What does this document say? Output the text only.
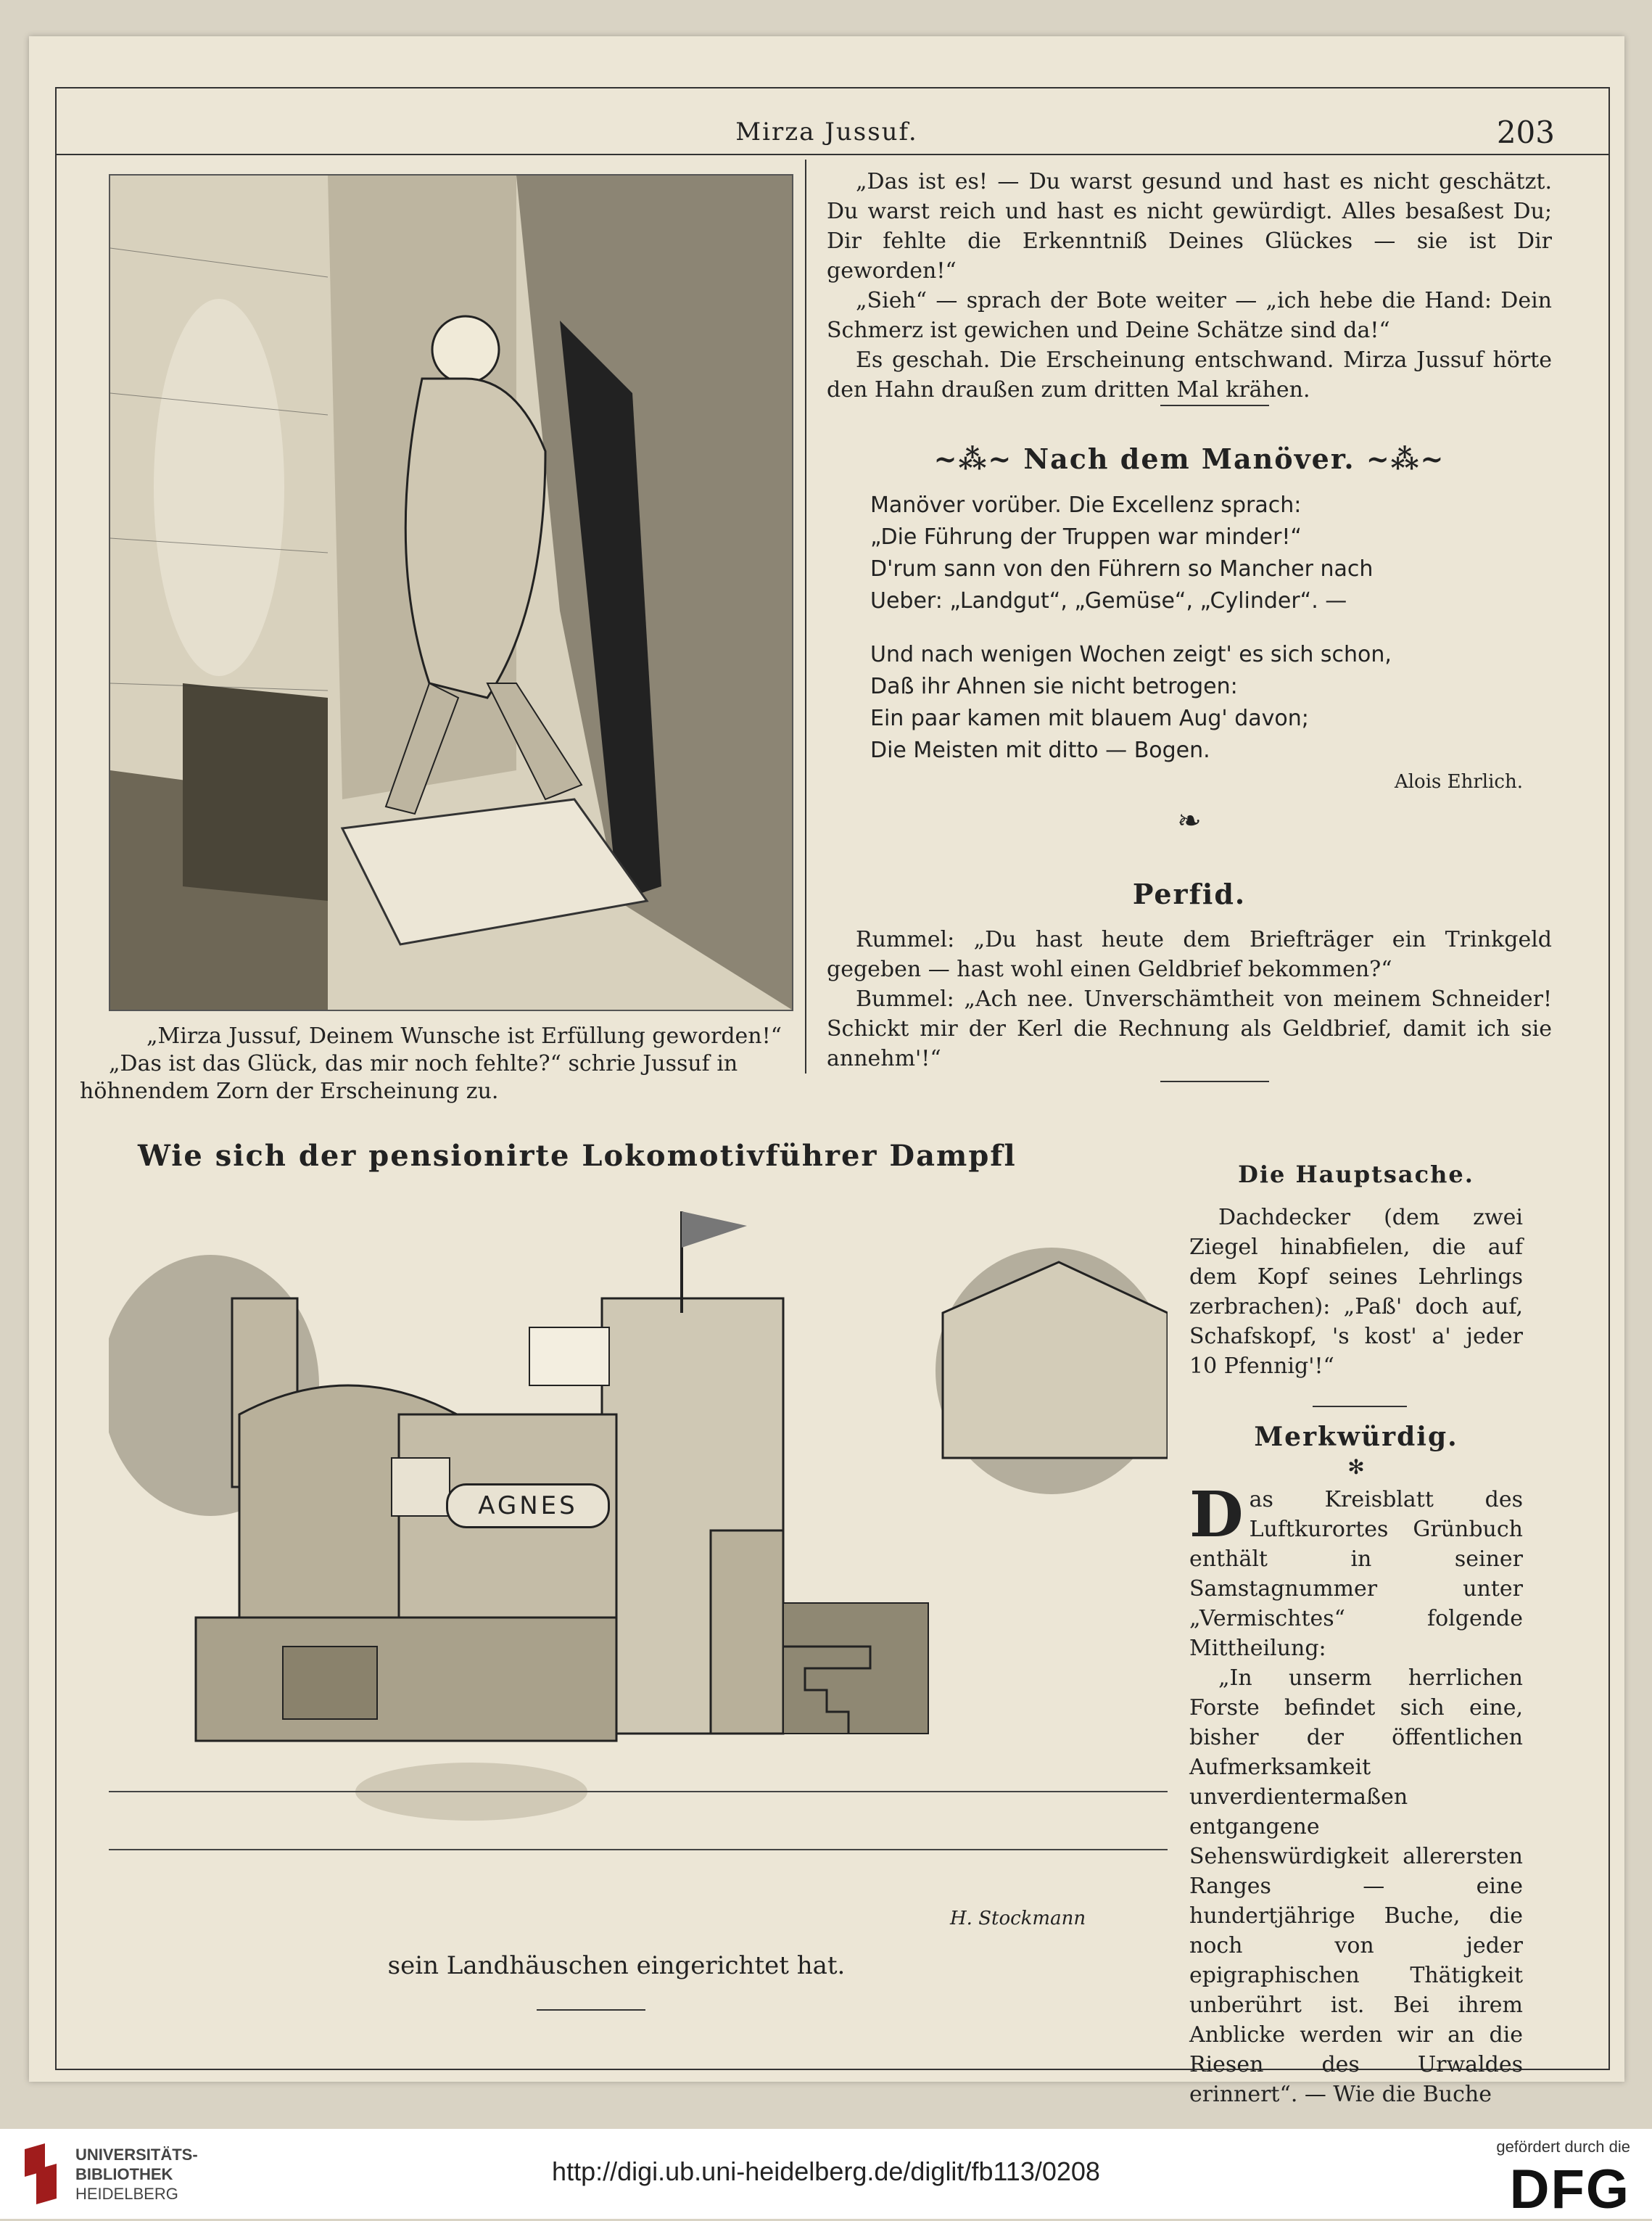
Mirza Jussuf.	203
„Mirza Jussuf, Deinem Wunsche ist Erfüllung geworden!“
„Das ist das Glück, das mir noch fehlte?“ schrie Jussuf in höhnendem Zorn der Erscheinung zu.

„Das ist es! — Du warst gesund und hast es nicht geschätzt. Du warst reich und hast es nicht gewürdigt. Alles besaßest Du; Dir fehlte die Erkenntniß Deines Glückes — sie ist Dir geworden!“

„Sieh“ — sprach der Bote weiter — „ich hebe die Hand: Dein Schmerz ist gewichen und Deine Schätze sind da!“

Es geschah. Die Erscheinung entschwand. Mirza Jussuf hörte den Hahn draußen zum dritten Mal krähen.

~⁂~ Nach dem Manöver. ~⁂~
Manöver vorüber. Die Excellenz sprach:
„Die Führung der Truppen war minder!“
D'rum sann von den Führern so Mancher nach
Ueber: „Landgut“, „Gemüse“, „Cylinder“. —
Und nach wenigen Wochen zeigt' es sich schon,
Daß ihr Ahnen sie nicht betrogen:
Ein paar kamen mit blauem Aug' davon;
Die Meisten mit ditto — Bogen.
Alois Ehrlich.
❧
Perfid.

Rummel: „Du hast heute dem Briefträger ein Trinkgeld gegeben — hast wohl einen Geldbrief bekommen?“

Bummel: „Ach nee. Unverschämtheit von meinem Schneider! Schickt mir der Kerl die Rechnung als Geldbrief, damit ich sie annehm'!“

Wie sich der pensionirte Lokomotivführer Dampfl
AGNES
H. Stockmann
sein Landhäuschen eingerichtet hat.
Die Hauptsache.

Dachdecker (dem zwei Ziegel hinabfielen, die auf dem Kopf seines Lehrlings zerbrachen): „Paß' doch auf, Schafskopf, 's kost' a' jeder 10 Pfennig'!“

Merkwürdig.
✻

Das Kreisblatt des Luftkurortes Grünbuch enthält in seiner Samstagnummer unter „Vermischtes“ folgende Mittheilung:

„In unserm herrlichen Forste befindet sich eine, bisher der öffentlichen Aufmerksamkeit unverdientermaßen entgangene Sehenswürdigkeit allerersten Ranges — eine hundertjährige Buche, die noch von jeder epigraphischen Thätigkeit unberührt ist. Bei ihrem Anblicke werden wir an die Riesen des Urwaldes erinnert“. — Wie die Buche

UNIVERSITÄTS-
BIBLIOTHEK
HEIDELBERG
http://digi.ub.uni-heidelberg.de/diglit/fb113/0208
gefördert durch die
DFG
